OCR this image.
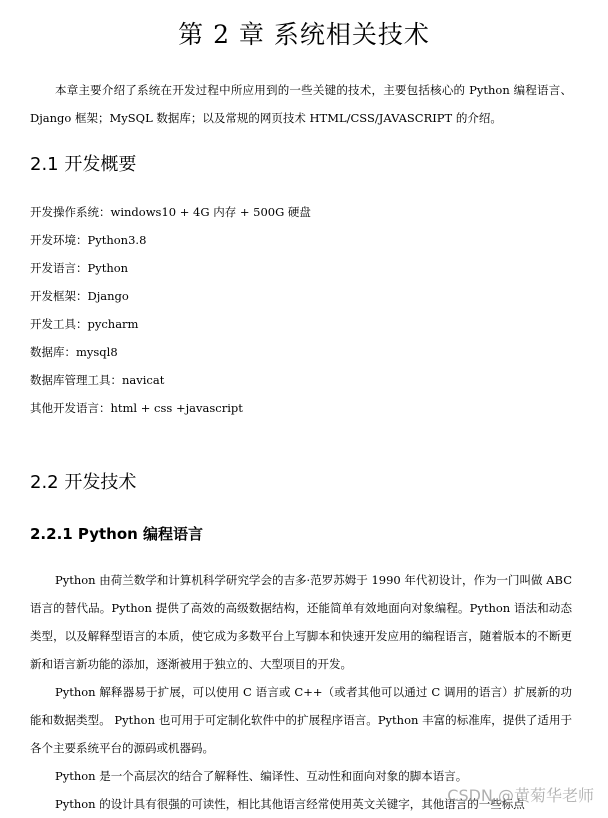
第 2 章 系统相关技术

本章主要介绍了系统在开发过程中所应用到的一些关键的技术，主要包括核心的 Python 编程语言、Django 框架；MySQL 数据库；以及常规的网页技术 HTML/CSS/JAVASCRIPT 的介绍。

2.1 开发概要
开发操作系统：windows10 + 4G 内存 + 500G 硬盘
开发环境：Python3.8
开发语言：Python
开发框架：Django
开发工具：pycharm
数据库：mysql8
数据库管理工具：navicat
其他开发语言：html + css +javascript
2.2 开发技术
2.2.1 Python 编程语言

Python 由荷兰数学和计算机科学研究学会的吉多·范罗苏姆于 1990 年代初设计，作为一门叫做 ABC 语言的替代品。Python 提供了高效的高级数据结构，还能简单有效地面向对象编程。Python 语法和动态类型，以及解释型语言的本质，使它成为多数平台上写脚本和快速开发应用的编程语言，随着版本的不断更新和语言新功能的添加，逐渐被用于独立的、大型项目的开发。

Python 解释器易于扩展，可以使用 C 语言或 C++（或者其他可以通过 C 调用的语言）扩展新的功能和数据类型。 Python 也可用于可定制化软件中的扩展程序语言。Python 丰富的标准库，提供了适用于各个主要系统平台的源码或机器码。

Python 是一个高层次的结合了解释性、编译性、互动性和面向对象的脚本语言。

Python 的设计具有很强的可读性，相比其他语言经常使用英文关键字，其他语言的一些标点

CSDN @黄菊华老师
